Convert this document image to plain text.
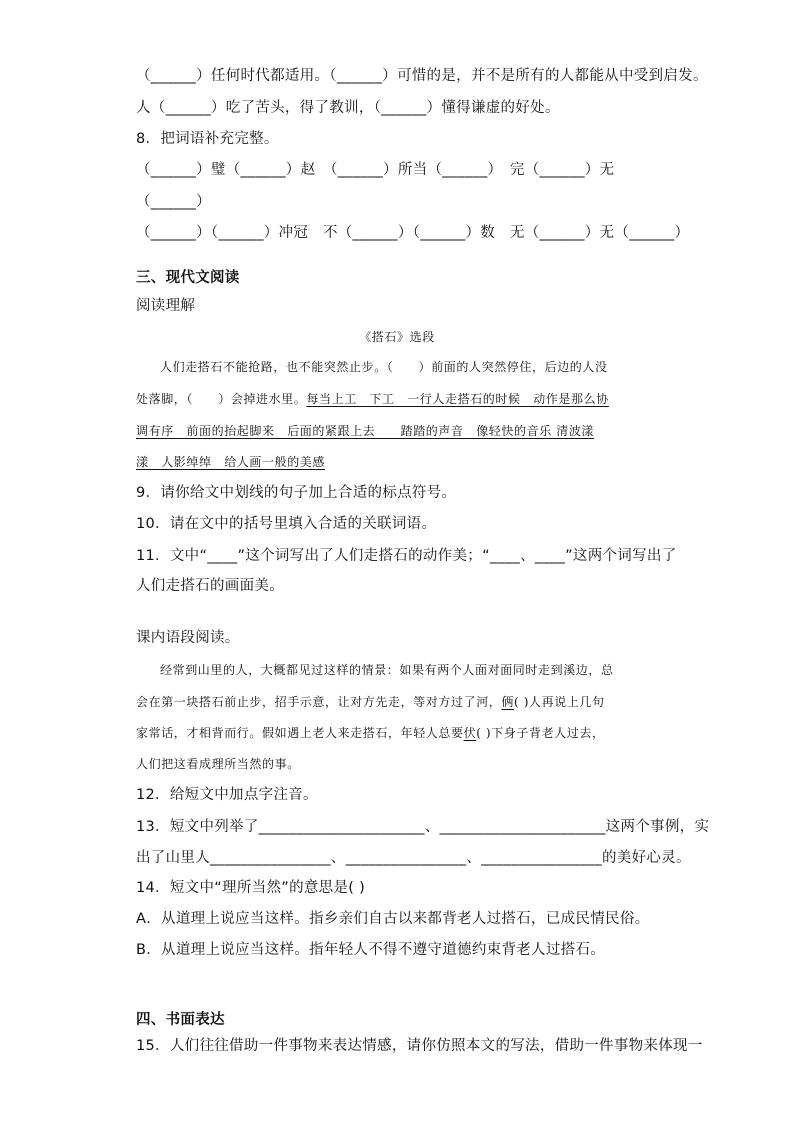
（______）任何时代都适用。（______）可惜的是，并不是所有的人都能从中受到启发。
人（______）吃了苦头，得了教训，（______）懂得谦虚的好处。
8．把词语补充完整。
（______）璧（______）赵　（______）所当（______）　完（______）无
（______）
（______）（______）冲冠　不（______）（______）数　无（______）无（______）
三、现代文阅读
阅读理解
《搭石》选段
人们走搭石不能抢路，也不能突然止步。（　　）前面的人突然停住，后边的人没
处落脚，（　　）会掉进水里。每当上工　下工　一行人走搭石的时候　动作是那么协
调有序　前面的抬起脚来　后面的紧跟上去　　踏踏的声音　像轻快的音乐 清波漾
漾　人影绰绰　给人画一般的美感
9．请你给文中划线的句子加上合适的标点符号。
10．请在文中的括号里填入合适的关联词语。
11．文中“____”这个词写出了人们走搭石的动作美；“____、____”这两个词写出了
人们走搭石的画面美。
课内语段阅读。
经常到山里的人，大概都见过这样的情景：如果有两个人面对面同时走到溪边，总
会在第一块搭石前止步，招手示意，让对方先走，等对方过了河，俩( )人再说上几句
家常话，才相背而行。假如遇上老人来走搭石，年轻人总要伏( )下身子背老人过去，
人们把这看成理所当然的事。
12．给短文中加点字注音。
13．短文中列举了______________________、______________________这两个事例，实
出了山里人________________、________________、________________的美好心灵。
14．短文中“理所当然”的意思是( )
A．从道理上说应当这样。指乡亲们自古以来都背老人过搭石，已成民情民俗。
B．从道理上说应当这样。指年轻人不得不遵守道德约束背老人过搭石。
四、书面表达
15．人们往往借助一件事物来表达情感，请你仿照本文的写法，借助一件事物来体现一
